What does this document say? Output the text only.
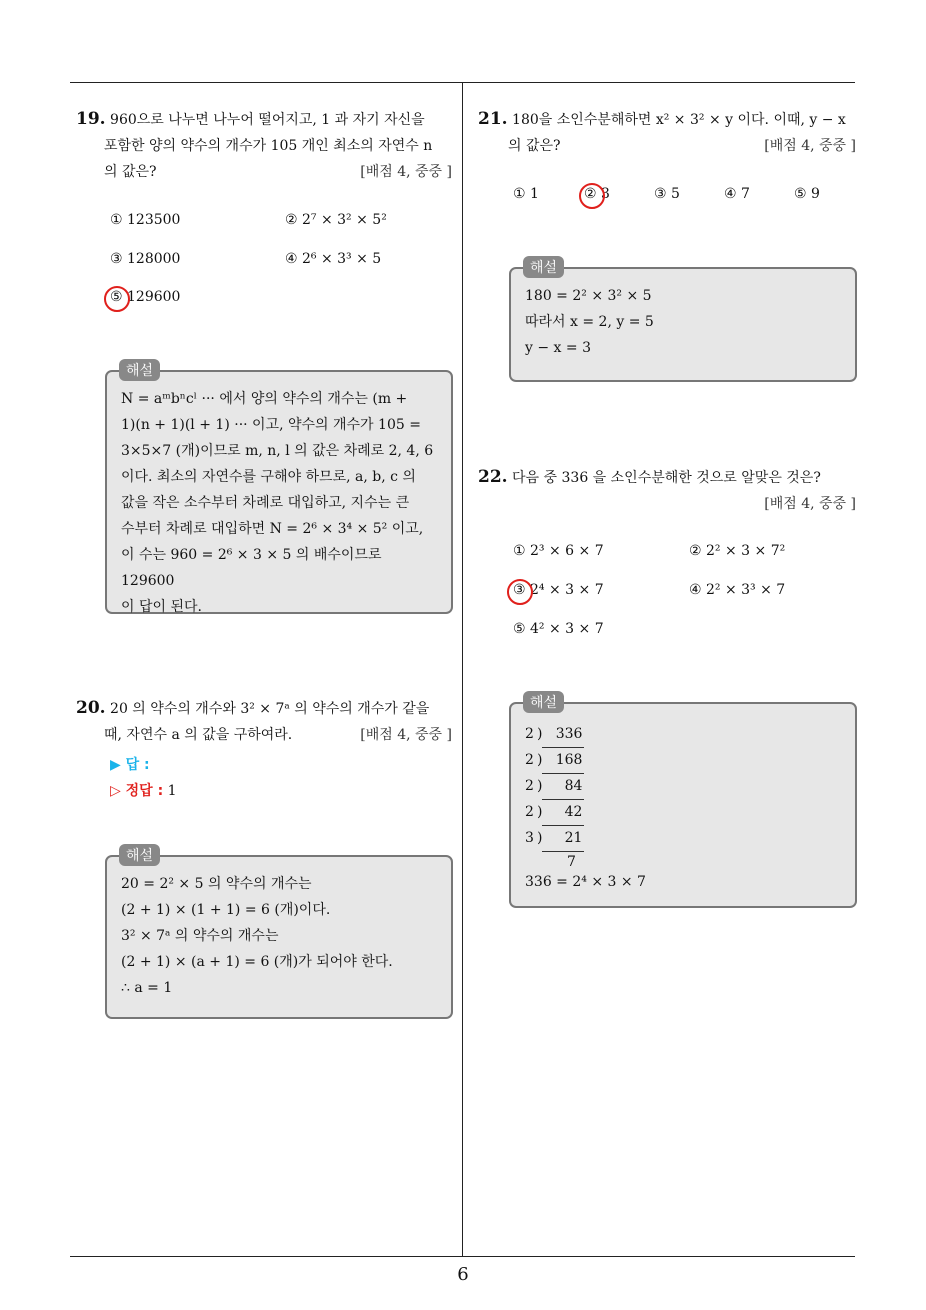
6
19. 960으로 나누면 나누어 떨어지고, 1 과 자기 자신을
포함한 양의 약수의 개수가 105 개인 최소의 자연수 n
의 값은?	[배점 4, 중중 ]
① 123500	② 2⁷ × 3² × 5²
③ 128000	④ 2⁶ × 3³ × 5
⑤ 129600
N = aᵐbⁿcˡ ··· 에서 양의 약수의 개수는 (m +
1)(n + 1)(l + 1) ··· 이고, 약수의 개수가 105 =
3×5×7 (개)이므로 m, n, l 의 값은 차례로 2, 4, 6
이다. 최소의 자연수를 구해야 하므로, a, b, c 의
값을 작은 소수부터 차례로 대입하고, 지수는 큰
수부터 차례로 대입하면 N = 2⁶ × 3⁴ × 5² 이고,
이 수는 960 = 2⁶ × 3 × 5 의 배수이므로 129600
이 답이 된다.
해설
20. 20 의 약수의 개수와 3² × 7ᵃ 의 약수의 개수가 같을
때, 자연수 a 의 값을 구하여라.	[배점 4, 중중 ]
▶ 답 :
▷ 정답 : 1
20 = 2² × 5 의 약수의 개수는
(2 + 1) × (1 + 1) = 6 (개)이다.
3² × 7ᵃ 의 약수의 개수는
(2 + 1) × (a + 1) = 6 (개)가 되어야 한다.
∴ a = 1
해설
21. 180을 소인수분해하면 x² × 3² × y 이다. 이때, y − x
의 값은?	[배점 4, 중중 ]
① 1	② 3	③ 5	④ 7	⑤ 9
180 = 2² × 3² × 5
따라서 x = 2, y = 5
y − x = 3
해설
22. 다음 중 336 을 소인수분해한 것으로 알맞은 것은?
[배점 4, 중중 ]
① 2³ × 6 × 7	② 2² × 3 × 7²
③ 2⁴ × 3 × 7	④ 2² × 3³ × 7
⑤ 4² × 3 × 7
2 ) 336
2 ) 168
2 )	84
2 )	42
3 )	21
7
336 = 2⁴ × 3 × 7
해설
